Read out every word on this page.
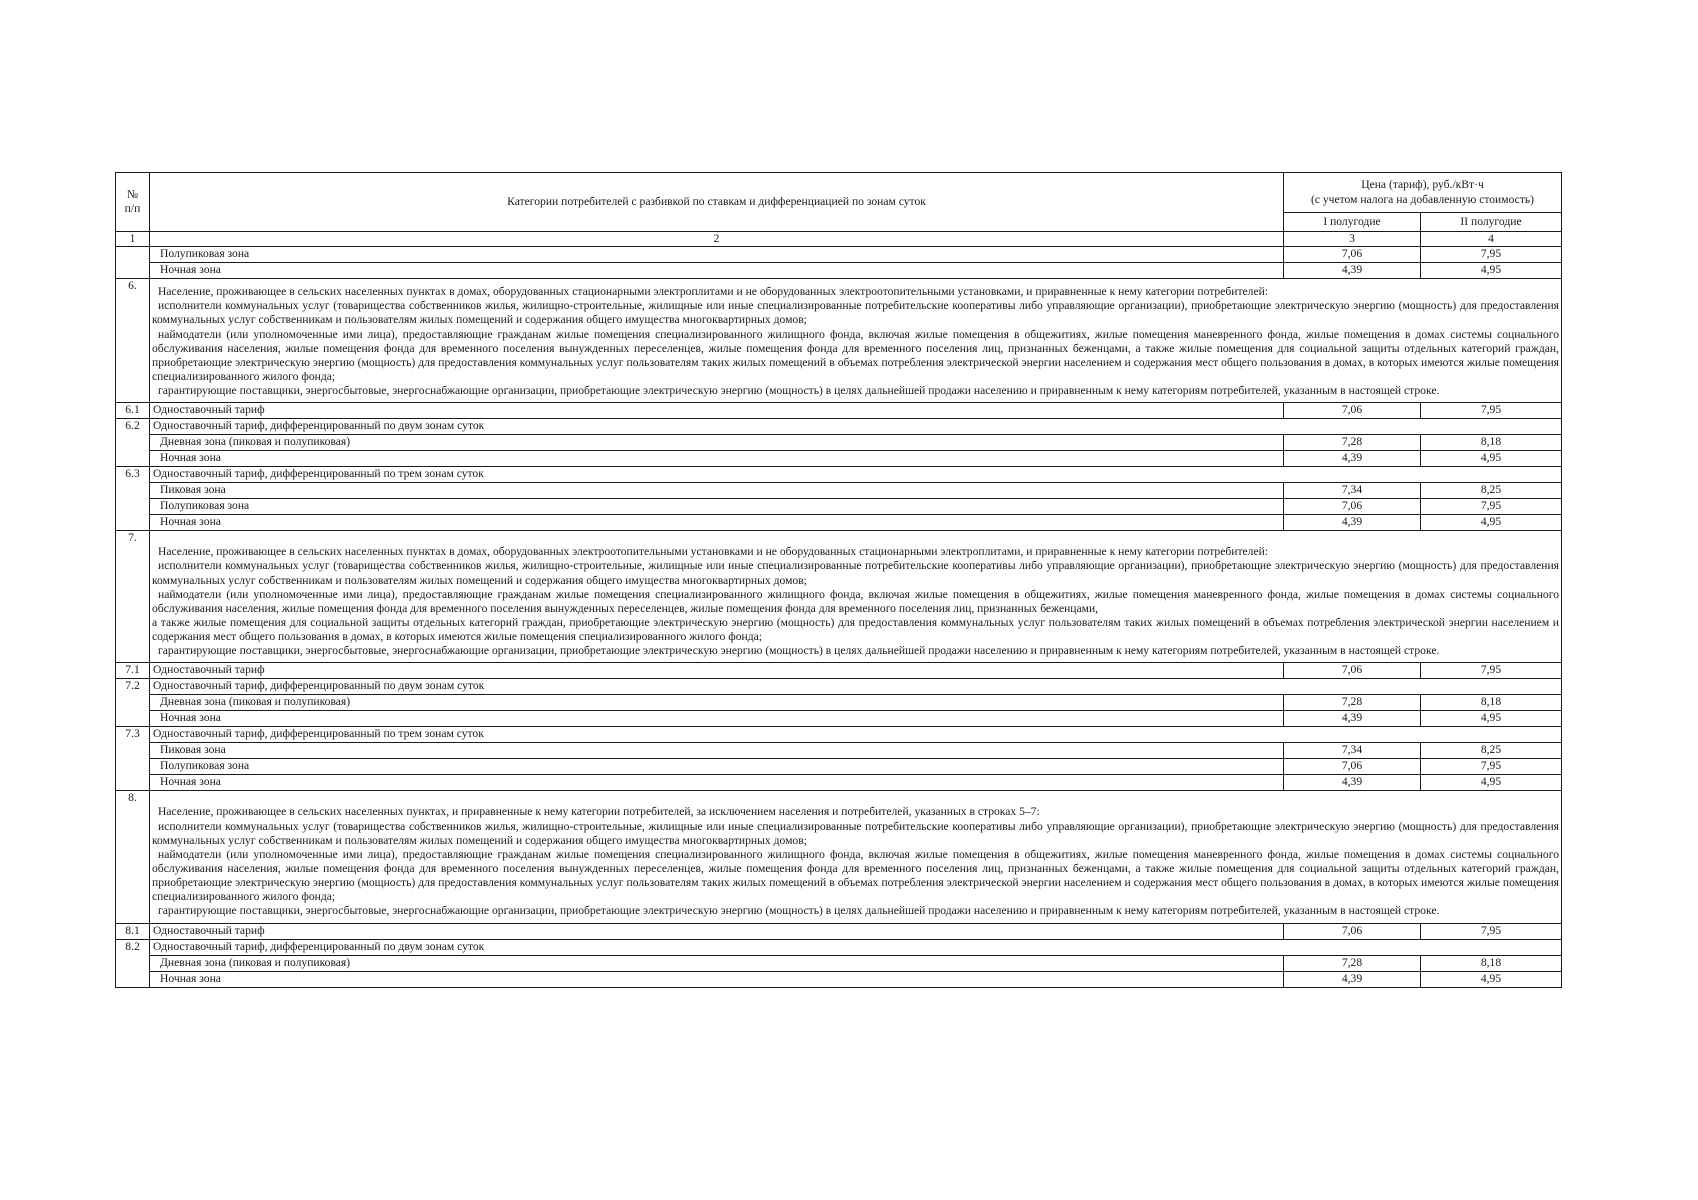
№
п/п	Категории потребителей с разбивкой по ставкам и дифференциацией по зонам суток	Цена (тариф), руб./кВт·ч
(с учетом налога на добавленную стоимость)	

		I полугодие	II полугодие
1	2	3	4
	Полупиковая зона	7,06	7,95
	Ночная зона	4,39	4,95
6.	Население, проживающее в сельских населенных пунктах в домах, оборудованных стационарными электроплитами и не оборудованных электроотопительными установками, и приравненные к нему категории потребителей:

исполнители коммунальных услуг (товарищества собственников жилья, жилищно-строительные, жилищные или иные специализированные потребительские кооперативы либо управляющие организации), приобретающие электрическую энергию (мощность) для предоставления коммунальных услуг собственникам и пользователям жилых помещений и содержания общего имущества многоквартирных домов;

наймодатели (или уполномоченные ими лица), предоставляющие гражданам жилые помещения специализированного жилищного фонда, включая жилые помещения в общежитиях, жилые помещения маневренного фонда, жилые помещения в домах системы социального обслуживания населения, жилые помещения фонда для временного поселения вынужденных переселенцев, жилые помещения фонда для временного поселения лиц, признанных беженцами, а также жилые помещения для социальной защиты отдельных категорий граждан, приобретающие электрическую энергию (мощность) для предоставления коммунальных услуг пользователям таких жилых помещений в объемах потребления электрической энергии населением и содержания мест общего пользования в домах, в которых имеются жилые помещения специализированного жилого фонда;

гарантирующие поставщики, энергосбытовые, энергоснабжающие организации, приобретающие электрическую энергию (мощность) в целях дальнейшей продажи населению и приравненным к нему категориям потребителей, указанным в настоящей строке.		

6.1	Одноставочный тариф	7,06	7,95
6.2	Одноставочный тариф, дифференцированный по двум зонам суток		
	Дневная зона (пиковая и полупиковая)	7,28	8,18
	Ночная зона	4,39	4,95
6.3	Одноставочный тариф, дифференцированный по трем зонам суток		
	Пиковая зона	7,34	8,25
	Полупиковая зона	7,06	7,95
	Ночная зона	4,39	4,95
7.	Население, проживающее в сельских населенных пунктах в домах, оборудованных электроотопительными установками и не оборудованных стационарными электроплитами, и приравненные к нему категории потребителей:

исполнители коммунальных услуг (товарищества собственников жилья, жилищно-строительные, жилищные или иные специализированные потребительские кооперативы либо управляющие организации), приобретающие электрическую энергию (мощность) для предоставления коммунальных услуг собственникам и пользователям жилых помещений и содержания общего имущества многоквартирных домов;

наймодатели (или уполномоченные ими лица), предоставляющие гражданам жилые помещения специализированного жилищного фонда, включая жилые помещения в общежитиях, жилые помещения маневренного фонда, жилые помещения в домах системы социального обслуживания населения, жилые помещения фонда для временного поселения вынужденных переселенцев, жилые помещения фонда для временного поселения лиц, признанных беженцами,

а также жилые помещения для социальной защиты отдельных категорий граждан, приобретающие электрическую энергию (мощность) для предоставления коммунальных услуг пользователям таких жилых помещений в объемах потребления электрической энергии населением и содержания мест общего пользования в домах, в которых имеются жилые помещения специализированного жилого фонда;

гарантирующие поставщики, энергосбытовые, энергоснабжающие организации, приобретающие электрическую энергию (мощность) в целях дальнейшей продажи населению и приравненным к нему категориям потребителей, указанным в настоящей строке.		

7.1	Одноставочный тариф	7,06	7,95
7.2	Одноставочный тариф, дифференцированный по двум зонам суток		
	Дневная зона (пиковая и полупиковая)	7,28	8,18
	Ночная зона	4,39	4,95
7.3	Одноставочный тариф, дифференцированный по трем зонам суток		
	Пиковая зона	7,34	8,25
	Полупиковая зона	7,06	7,95
	Ночная зона	4,39	4,95
8.	Население, проживающее в сельских населенных пунктах, и приравненные к нему категории потребителей, за исключением населения и потребителей, указанных в строках 5–7:

исполнители коммунальных услуг (товарищества собственников жилья, жилищно-строительные, жилищные или иные специализированные потребительские кооперативы либо управляющие организации), приобретающие электрическую энергию (мощность) для предоставления коммунальных услуг собственникам и пользователям жилых помещений и содержания общего имущества многоквартирных домов;

наймодатели (или уполномоченные ими лица), предоставляющие гражданам жилые помещения специализированного жилищного фонда, включая жилые помещения в общежитиях, жилые помещения маневренного фонда, жилые помещения в домах системы социального обслуживания населения, жилые помещения фонда для временного поселения вынужденных переселенцев, жилые помещения фонда для временного поселения лиц, признанных беженцами, а также жилые помещения для социальной защиты отдельных категорий граждан, приобретающие электрическую энергию (мощность) для предоставления коммунальных услуг пользователям таких жилых помещений в объемах потребления электрической энергии населением и содержания мест общего пользования в домах, в которых имеются жилые помещения специализированного жилого фонда;

гарантирующие поставщики, энергосбытовые, энергоснабжающие организации, приобретающие электрическую энергию (мощность) в целях дальнейшей продажи населению и приравненным к нему категориям потребителей, указанным в настоящей строке.		

8.1	Одноставочный тариф	7,06	7,95
8.2	Одноставочный тариф, дифференцированный по двум зонам суток		
	Дневная зона (пиковая и полупиковая)	7,28	8,18
	Ночная зона	4,39	4,95
